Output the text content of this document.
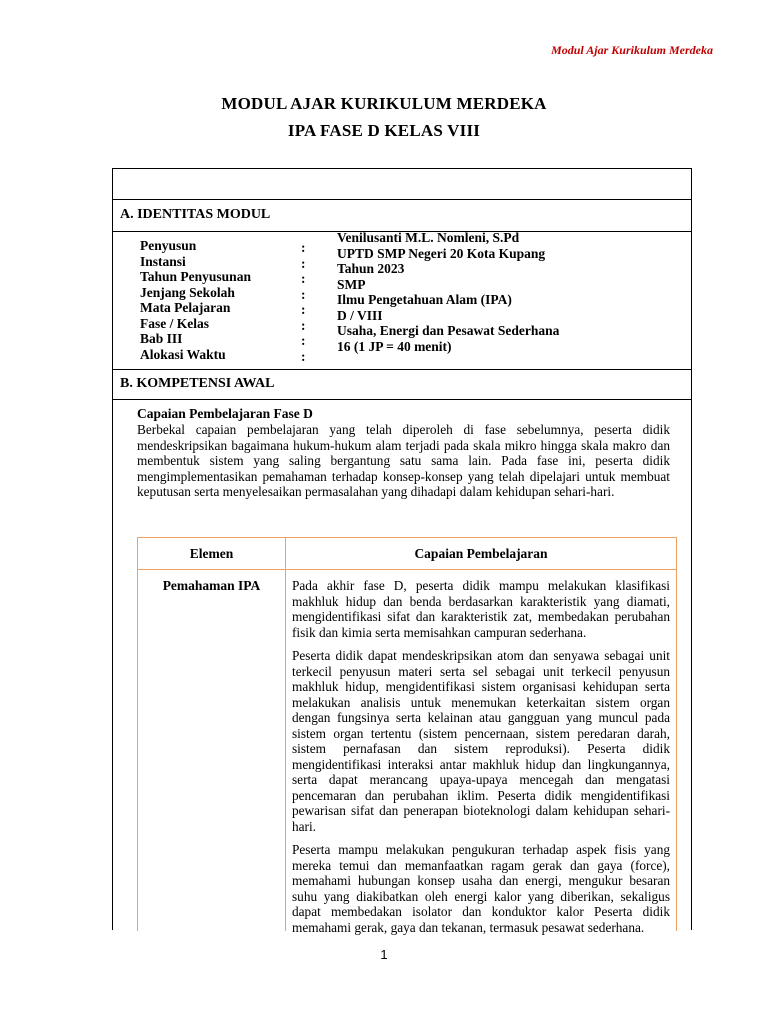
Modul Ajar Kurikulum Merdeka
MODUL AJAR KURIKULUM MERDEKA
IPA FASE D KELAS VIII
A. IDENTITAS MODUL
Penyusun
Instansi
Tahun Penyusunan
Jenjang Sekolah
Mata Pelajaran
Fase / Kelas
Bab III
Alokasi Waktu
:
:
:
:
:
:
:
:
Venilusanti M.L. Nomleni, S.Pd
UPTD SMP Negeri 20 Kota Kupang
Tahun 2023
SMP
Ilmu Pengetahuan Alam (IPA)
D / VIII
Usaha, Energi dan Pesawat Sederhana
16 (1 JP = 40 menit)
B. KOMPETENSI AWAL
Capaian Pembelajaran Fase D
Berbekal capaian pembelajaran yang telah diperoleh di fase sebelumnya, peserta didik mendeskripsikan bagaimana hukum-hukum alam terjadi pada skala mikro hingga skala makro dan membentuk sistem yang saling bergantung satu sama lain. Pada fase ini, peserta didik mengimplementasikan pemahaman terhadap konsep-konsep yang telah dipelajari untuk membuat keputusan serta menyelesaikan permasalahan yang dihadapi dalam kehidupan sehari-hari.
Elemen	Capaian Pembelajaran
Pemahaman IPA	Pada akhir fase D, peserta didik mampu melakukan klasifikasi makhluk hidup dan benda berdasarkan karakteristik yang diamati, mengidentifikasi sifat dan karakteristik zat, membedakan perubahan fisik dan kimia serta memisahkan campuran sederhana.

Peserta didik dapat mendeskripsikan atom dan senyawa sebagai unit terkecil penyusun materi serta sel sebagai unit terkecil penyusun makhluk hidup, mengidentifikasi sistem organisasi kehidupan serta melakukan analisis untuk menemukan keterkaitan sistem organ dengan fungsinya serta kelainan atau gangguan yang muncul pada sistem organ tertentu (sistem pencernaan, sistem peredaran darah, sistem pernafasan dan sistem reproduksi). Peserta didik mengidentifikasi interaksi antar makhluk hidup dan lingkungannya, serta dapat merancang upaya-upaya mencegah dan mengatasi pencemaran dan perubahan iklim. Peserta didik mengidentifikasi pewarisan sifat dan penerapan bioteknologi dalam kehidupan sehari-hari.

Peserta mampu melakukan pengukuran terhadap aspek fisis yang mereka temui dan memanfaatkan ragam gerak dan gaya (force), memahami hubungan konsep usaha dan energi, mengukur besaran suhu yang diakibatkan oleh energi kalor yang diberikan, sekaligus dapat membedakan isolator dan konduktor kalor Peserta didik memahami gerak, gaya dan tekanan, termasuk pesawat sederhana.

1
